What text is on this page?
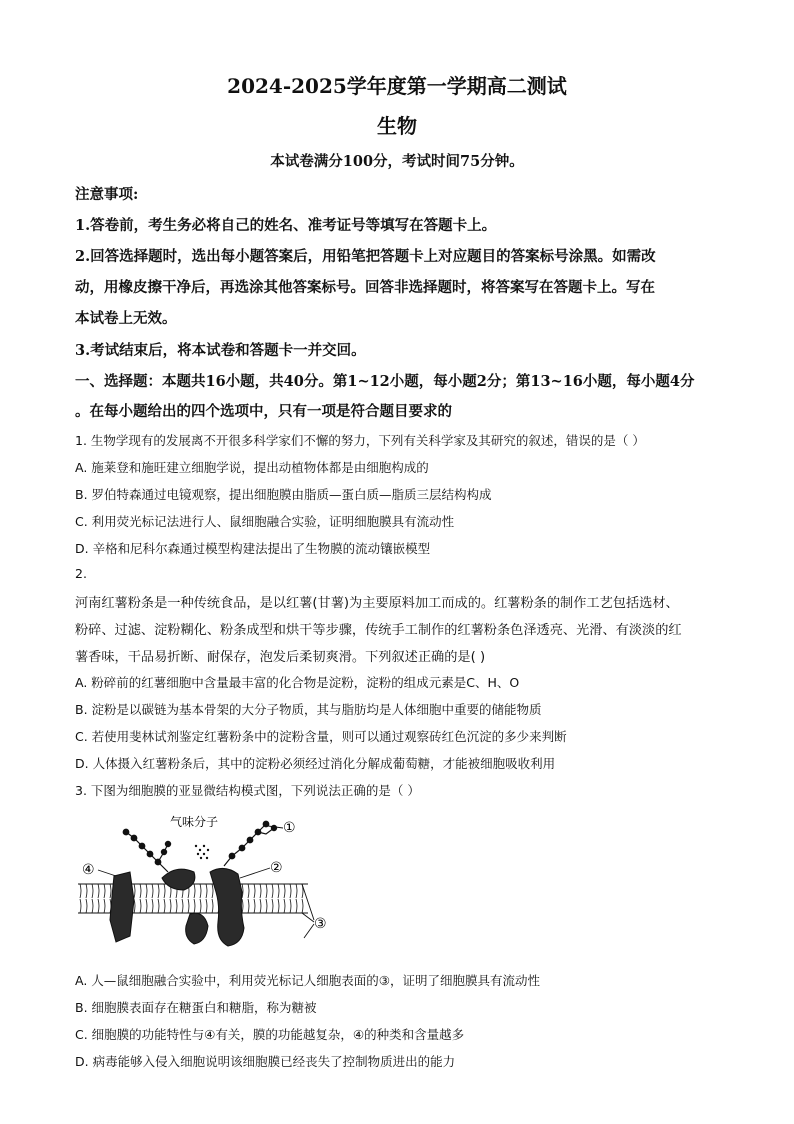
2024-2025学年度第一学期高二测试
生物
本试卷满分100分，考试时间75分钟。
注意事项:
1.答卷前，考生务必将自己的姓名、准考证号等填写在答题卡上。
2.回答选择题时，选出每小题答案后，用铅笔把答题卡上对应题目的答案标号涂黑。如需改
动，用橡皮擦干净后，再选涂其他答案标号。回答非选择题时，将答案写在答题卡上。写在
本试卷上无效。
3.考试结束后，将本试卷和答题卡一并交回。
一、选择题：本题共16小题，共40分。第1~12小题，每小题2分；第13~16小题，每小题4分
。在每小题给出的四个选项中，只有一项是符合题目要求的
1. 生物学现有的发展离不开很多科学家们不懈的努力，下列有关科学家及其研究的叙述，错误的是（ ）
A. 施莱登和施旺建立细胞学说，提出动植物体都是由细胞构成的
B. 罗伯特森通过电镜观察，提出细胞膜由脂质—蛋白质—脂质三层结构构成
C. 利用荧光标记法进行人、鼠细胞融合实验，证明细胞膜具有流动性
D. 辛格和尼科尔森通过模型构建法提出了生物膜的流动镶嵌模型
2.
河南红薯粉条是一种传统食品，是以红薯(甘薯)为主要原料加工而成的。红薯粉条的制作工艺包括选材、
粉碎、过滤、淀粉糊化、粉条成型和烘干等步骤，传统手工制作的红薯粉条色泽透亮、光滑、有淡淡的红
薯香味，干品易折断、耐保存，泡发后柔韧爽滑。下列叙述正确的是( )
A. 粉碎前的红薯细胞中含量最丰富的化合物是淀粉，淀粉的组成元素是C、H、O
B. 淀粉是以碳链为基本骨架的大分子物质，其与脂肪均是人体细胞中重要的储能物质
C. 若使用斐林试剂鉴定红薯粉条中的淀粉含量，则可以通过观察砖红色沉淀的多少来判断
D. 人体摄入红薯粉条后，其中的淀粉必须经过消化分解成葡萄糖，才能被细胞吸收利用
3. 下图为细胞膜的亚显微结构模式图，下列说法正确的是（ ）
气味分子	①
②
③
④
A. 人—鼠细胞融合实验中，利用荧光标记人细胞表面的③，证明了细胞膜具有流动性
B. 细胞膜表面存在糖蛋白和糖脂，称为糖被
C. 细胞膜的功能特性与④有关，膜的功能越复杂，④的种类和含量越多
D. 病毒能够入侵入细胞说明该细胞膜已经丧失了控制物质进出的能力
